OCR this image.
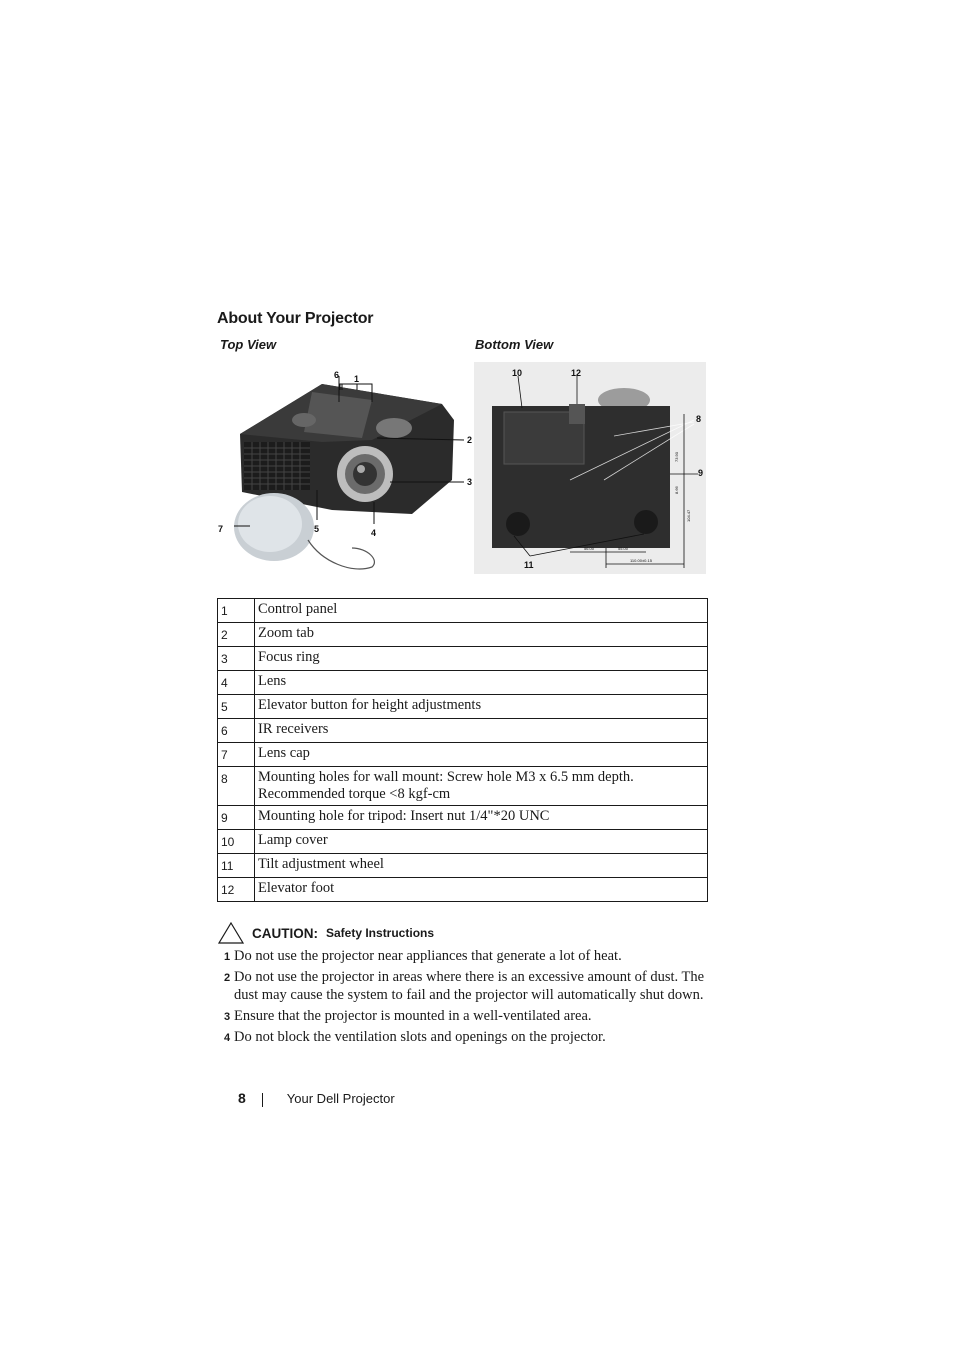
About Your Projector
Top View	Bottom View
6 1
2
3
7	5	4
10	12
8
9
11
73.90
8.66
104.47
56.00	55.00
110.00±0.15
1	Control panel
2	Zoom tab
3	Focus ring
4	Lens
5	Elevator button for height adjustments
6	IR receivers
7	Lens cap
8	Mounting holes for wall mount: Screw hole M3 x 6.5 mm depth.
Recommended torque <8 kgf-cm

9	Mounting hole for tripod: Insert nut 1/4"*20 UNC
10	Lamp cover
11	Tilt adjustment wheel
12	Elevator foot
CAUTION: Safety Instructions
1 Do not use the projector near appliances that generate a lot of heat.
2 Do not use the projector in areas where there is an excessive amount of dust. The dust may cause the system to fail and the projector will automatically shut down.
3 Ensure that the projector is mounted in a well-ventilated area.
4 Do not block the ventilation slots and openings on the projector.
8	Your Dell Projector
